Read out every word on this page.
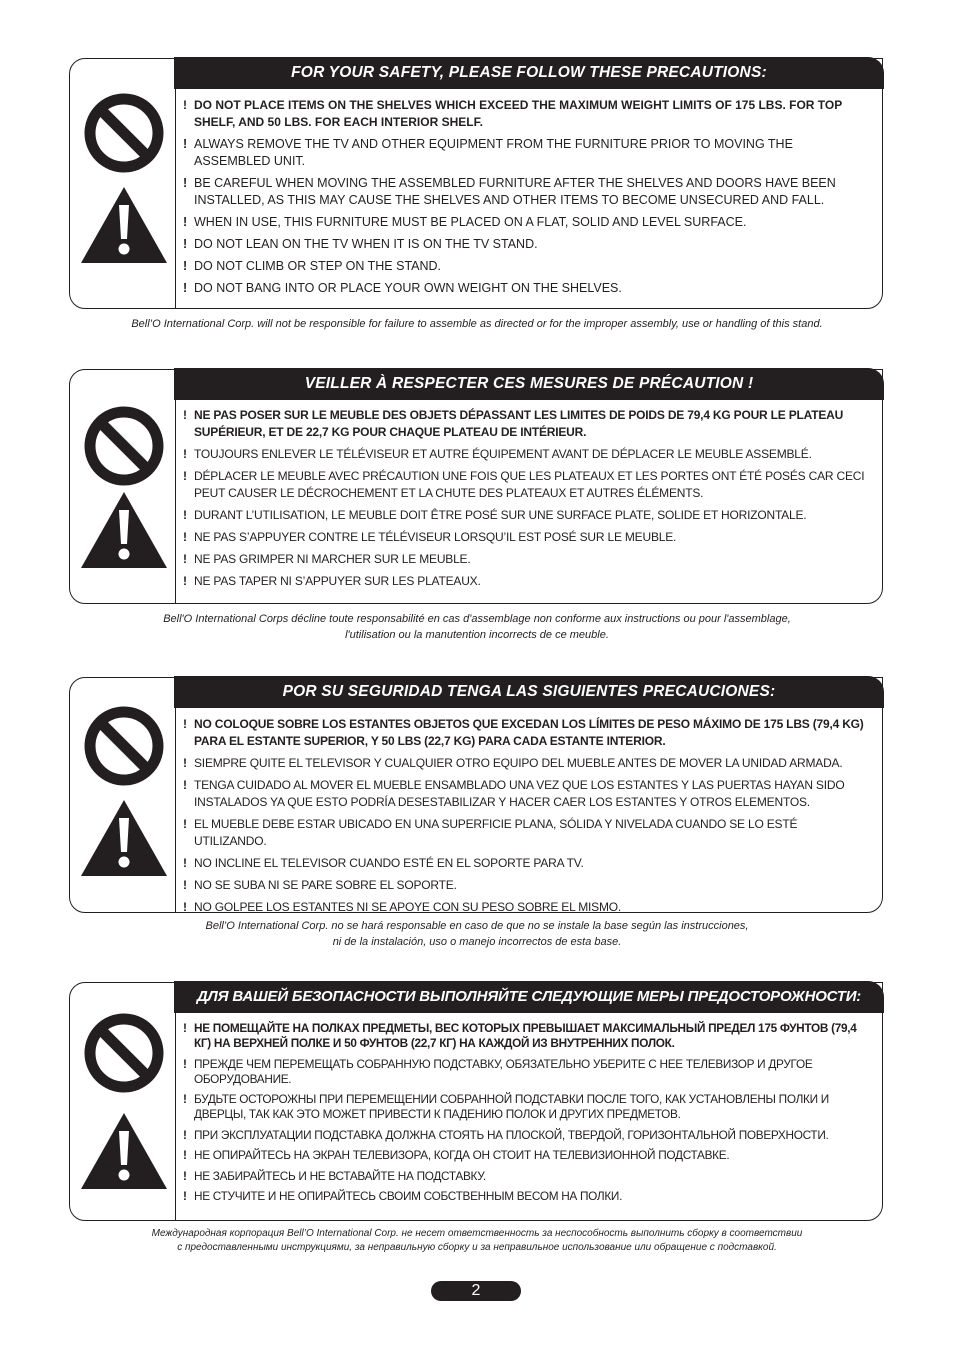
FOR YOUR SAFETY, PLEASE FOLLOW THESE PRECAUTIONS:
! DO NOT PLACE ITEMS ON THE SHELVES WHICH EXCEED THE MAXIMUM WEIGHT LIMITS OF 175 LBS. FOR TOP SHELF, AND 50 LBS. FOR EACH INTERIOR SHELF.
! ALWAYS REMOVE THE TV AND OTHER EQUIPMENT FROM THE FURNITURE PRIOR TO MOVING THE ASSEMBLED UNIT.
! BE CAREFUL WHEN MOVING THE ASSEMBLED FURNITURE AFTER THE SHELVES AND DOORS HAVE BEEN INSTALLED, AS THIS MAY CAUSE THE SHELVES AND OTHER ITEMS TO BECOME UNSECURED AND FALL.
! WHEN IN USE, THIS FURNITURE MUST BE PLACED ON A FLAT, SOLID AND LEVEL SURFACE.
! DO NOT LEAN ON THE TV WHEN IT IS ON THE TV STAND.
! DO NOT CLIMB OR STEP ON THE STAND.
! DO NOT BANG INTO OR PLACE YOUR OWN WEIGHT ON THE SHELVES.
Bell’O International Corp. will not be responsible for failure to assemble as directed or for the improper assembly, use or handling of this stand.
VEILLER À RESPECTER CES MESURES DE PRÉCAUTION !
! NE PAS POSER SUR LE MEUBLE DES OBJETS DÉPASSANT LES LIMITES DE POIDS DE 79,4 KG POUR LE PLATEAU SUPÉRIEUR, ET DE 22,7 KG POUR CHAQUE PLATEAU DE INTÉRIEUR.
! TOUJOURS ENLEVER LE TÉLÉVISEUR ET AUTRE ÉQUIPEMENT AVANT DE DÉPLACER LE MEUBLE ASSEMBLÉ.
! DÉPLACER LE MEUBLE AVEC PRÉCAUTION UNE FOIS QUE LES PLATEAUX ET LES PORTES ONT ÉTÉ POSÉS CAR CECI PEUT CAUSER LE DÉCROCHEMENT ET LA CHUTE DES PLATEAUX ET AUTRES ÉLÉMENTS.
! DURANT L’UTILISATION, LE MEUBLE DOIT ÊTRE POSÉ SUR UNE SURFACE PLATE, SOLIDE ET HORIZONTALE.
! NE PAS S’APPUYER CONTRE LE TÉLÉVISEUR LORSQU’IL EST POSÉ SUR LE MEUBLE.
! NE PAS GRIMPER NI MARCHER SUR LE MEUBLE.
! NE PAS TAPER NI S’APPUYER SUR LES PLATEAUX.
Bell'O International Corps décline toute responsabilité en cas d'assemblage non conforme aux instructions ou pour l'assemblage,
l'utilisation ou la manutention incorrects de ce meuble.
POR SU SEGURIDAD TENGA LAS SIGUIENTES PRECAUCIONES:
! NO COLOQUE SOBRE LOS ESTANTES OBJETOS QUE EXCEDAN LOS LÍMITES DE PESO MÁXIMO DE 175 LBS (79,4 KG) PARA EL ESTANTE SUPERIOR, Y 50 LBS (22,7 KG) PARA CADA ESTANTE INTERIOR.
! SIEMPRE QUITE EL TELEVISOR Y CUALQUIER OTRO EQUIPO DEL MUEBLE ANTES DE MOVER LA UNIDAD ARMADA.
! TENGA CUIDADO AL MOVER EL MUEBLE ENSAMBLADO UNA VEZ QUE LOS ESTANTES Y LAS PUERTAS HAYAN SIDO INSTALADOS YA QUE ESTO PODRÍA DESESTABILIZAR Y HACER CAER LOS ESTANTES Y OTROS ELEMENTOS.
! EL MUEBLE DEBE ESTAR UBICADO EN UNA SUPERFICIE PLANA, SÓLIDA Y NIVELADA CUANDO SE LO ESTÉ UTILIZANDO.
! NO INCLINE EL TELEVISOR CUANDO ESTÉ EN EL SOPORTE PARA TV.
! NO SE SUBA NI SE PARE SOBRE EL SOPORTE.
! NO GOLPEE LOS ESTANTES NI SE APOYE CON SU PESO SOBRE EL MISMO.
Bell’O International Corp. no se hará responsable en caso de que no se instale la base según las instrucciones,
ni de la instalación, uso o manejo incorrectos de esta base.
ДЛЯ ВАШЕЙ БЕЗОПАСНОСТИ ВЫПОЛНЯЙТЕ СЛЕДУЮЩИЕ МЕРЫ ПРЕДОСТОРОЖНОСТИ:
! НЕ ПОМЕЩАЙТЕ НА ПОЛКАХ ПРЕДМЕТЫ, ВЕС КОТОРЫХ ПРЕВЫШАЕТ МАКСИМАЛЬНЫЙ ПРЕДЕЛ 175 ФУНТОВ (79,4 КГ) НА ВЕРХНЕЙ ПОЛКЕ И 50 ФУНТОВ (22,7 КГ) НА КАЖДОЙ ИЗ ВНУТРЕННИХ ПОЛОК.
! ПРЕЖДЕ ЧЕМ ПЕРЕМЕЩАТЬ СОБРАННУЮ ПОДСТАВКУ, ОБЯЗАТЕЛЬНО УБЕРИТЕ С НЕЕ ТЕЛЕВИЗОР И ДРУГОЕ ОБОРУДОВАНИЕ.
! БУДЬТЕ ОСТОРОЖНЫ ПРИ ПЕРЕМЕЩЕНИИ СОБРАННОЙ ПОДСТАВКИ ПОСЛЕ ТОГО, КАК УСТАНОВЛЕНЫ ПОЛКИ И ДВЕРЦЫ, ТАК КАК ЭТО МОЖЕТ ПРИВЕСТИ К ПАДЕНИЮ ПОЛОК И ДРУГИХ ПРЕДМЕТОВ.
! ПРИ ЭКСПЛУАТАЦИИ ПОДСТАВКА ДОЛЖНА СТОЯТЬ НА ПЛОСКОЙ, ТВЕРДОЙ, ГОРИЗОНТАЛЬНОЙ ПОВЕРХНОСТИ.
! НЕ ОПИРАЙТЕСЬ НА ЭКРАН ТЕЛЕВИЗОРА, КОГДА ОН СТОИТ НА ТЕЛЕВИЗИОННОЙ ПОДСТАВКЕ.
! НЕ ЗАБИРАЙТЕСЬ И НЕ ВСТАВАЙТЕ НА ПОДСТАВКУ.
! НЕ СТУЧИТЕ И НЕ ОПИРАЙТЕСЬ СВОИМ СОБСТВЕННЫМ ВЕСОМ НА ПОЛКИ.
Международная корпорация Bell’O International Corp. не несет ответственность за неспособность выполнить сборку в соответствии
с предоставленными инструкциями, за неправильную сборку и за неправильное использование или обращение с подставкой.
2
